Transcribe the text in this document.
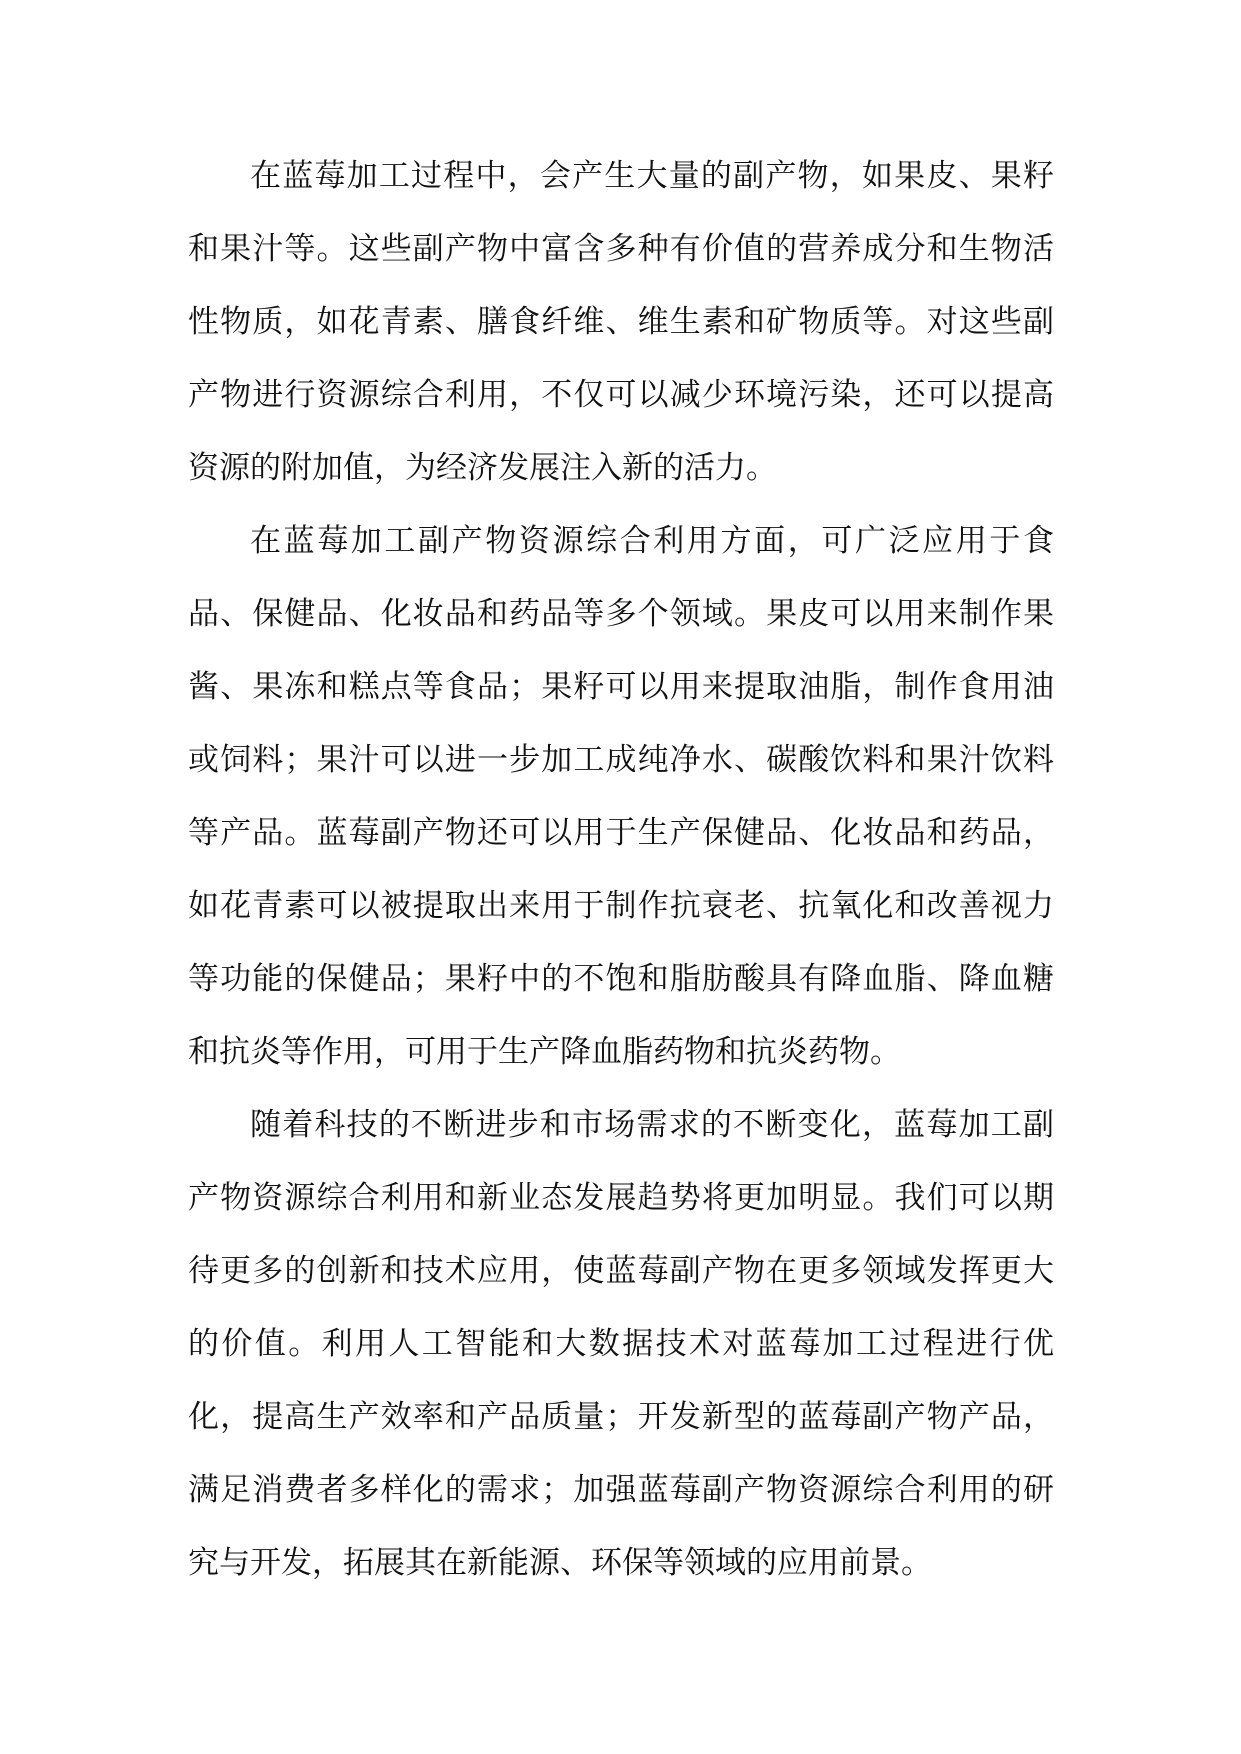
在蓝莓加工过程中，会产生大量的副产物，如果皮、果籽和果汁等。这些副产物中富含多种有价值的营养成分和生物活性物质，如花青素、膳食纤维、维生素和矿物质等。对这些副产物进行资源综合利用，不仅可以减少环境污染，还可以提高资源的附加值，为经济发展注入新的活力。

在蓝莓加工副产物资源综合利用方面，可广泛应用于食品、保健品、化妆品和药品等多个领域。果皮可以用来制作果酱、果冻和糕点等食品；果籽可以用来提取油脂，制作食用油或饲料；果汁可以进一步加工成纯净水、碳酸饮料和果汁饮料等产品。蓝莓副产物还可以用于生产保健品、化妆品和药品，如花青素可以被提取出来用于制作抗衰老、抗氧化和改善视力等功能的保健品；果籽中的不饱和脂肪酸具有降血脂、降血糖和抗炎等作用，可用于生产降血脂药物和抗炎药物。

随着科技的不断进步和市场需求的不断变化，蓝莓加工副产物资源综合利用和新业态发展趋势将更加明显。我们可以期待更多的创新和技术应用，使蓝莓副产物在更多领域发挥更大的价值。利用人工智能和大数据技术对蓝莓加工过程进行优化，提高生产效率和产品质量；开发新型的蓝莓副产物产品，满足消费者多样化的需求；加强蓝莓副产物资源综合利用的研究与开发，拓展其在新能源、环保等领域的应用前景。
